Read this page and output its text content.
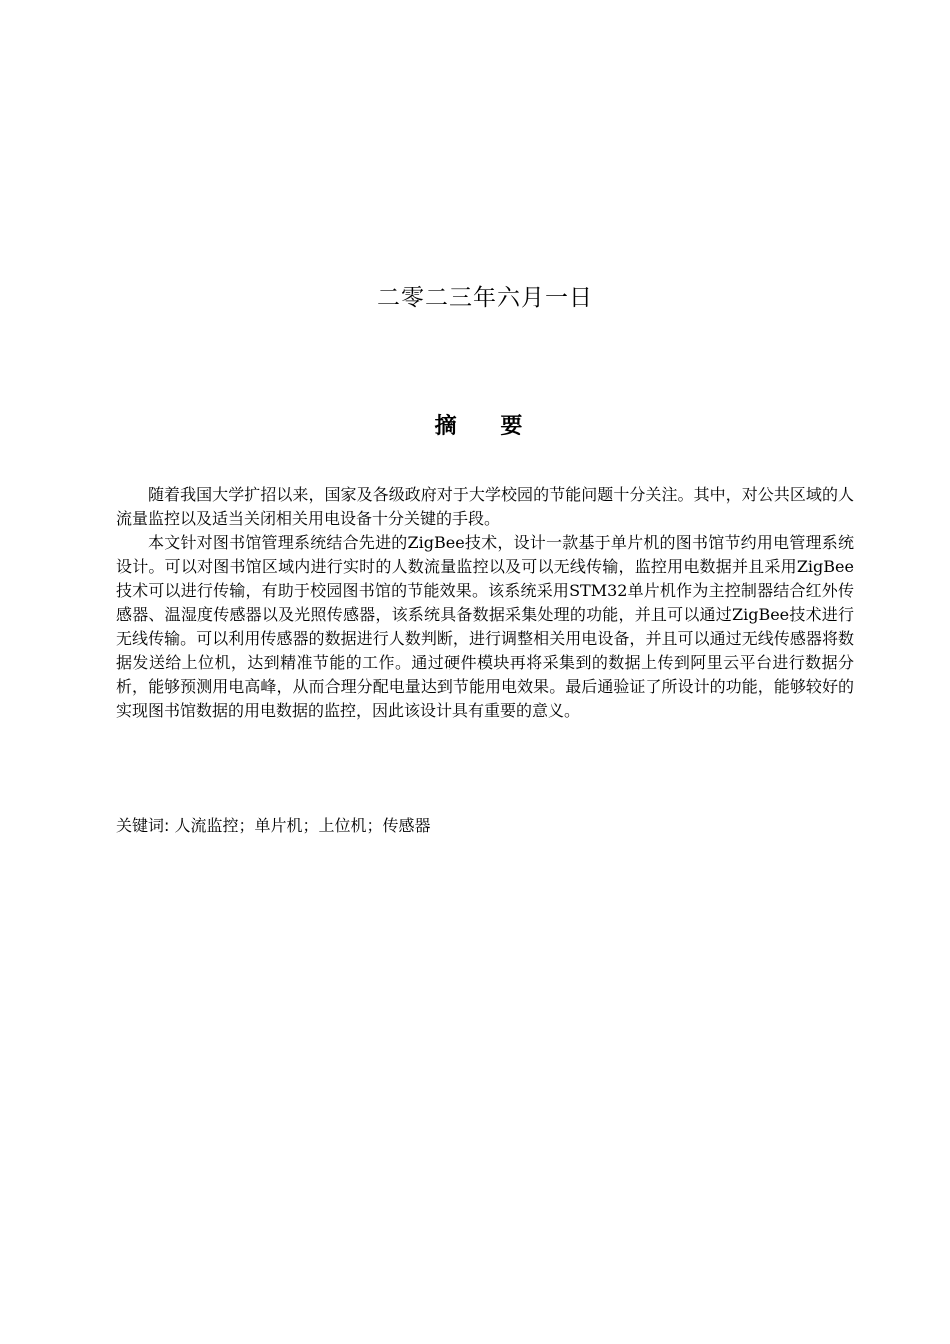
二零二三年六月一日
摘 要

随着我国大学扩招以来，国家及各级政府对于大学校园的节能问题十分关注。其中，对公共区域的人流量监控以及适当关闭相关用电设备十分关键的手段。

本文针对图书馆管理系统结合先进的ZigBee技术，设计一款基于单片机的图书馆节约用电管理系统设计。可以对图书馆区域内进行实时的人数流量监控以及可以无线传输，监控用电数据并且采用ZigBee技术可以进行传输，有助于校园图书馆的节能效果。该系统采用STM32单片机作为主控制器结合红外传感器、温湿度传感器以及光照传感器，该系统具备数据采集处理的功能，并且可以通过ZigBee技术进行无线传输。可以利用传感器的数据进行人数判断，进行调整相关用电设备，并且可以通过无线传感器将数据发送给上位机，达到精准节能的工作。通过硬件模块再将采集到的数据上传到阿里云平台进行数据分析，能够预测用电高峰，从而合理分配电量达到节能用电效果。最后通验证了所设计的功能，能够较好的实现图书馆数据的用电数据的监控，因此该设计具有重要的意义。

关键词: 人流监控；单片机；上位机；传感器
